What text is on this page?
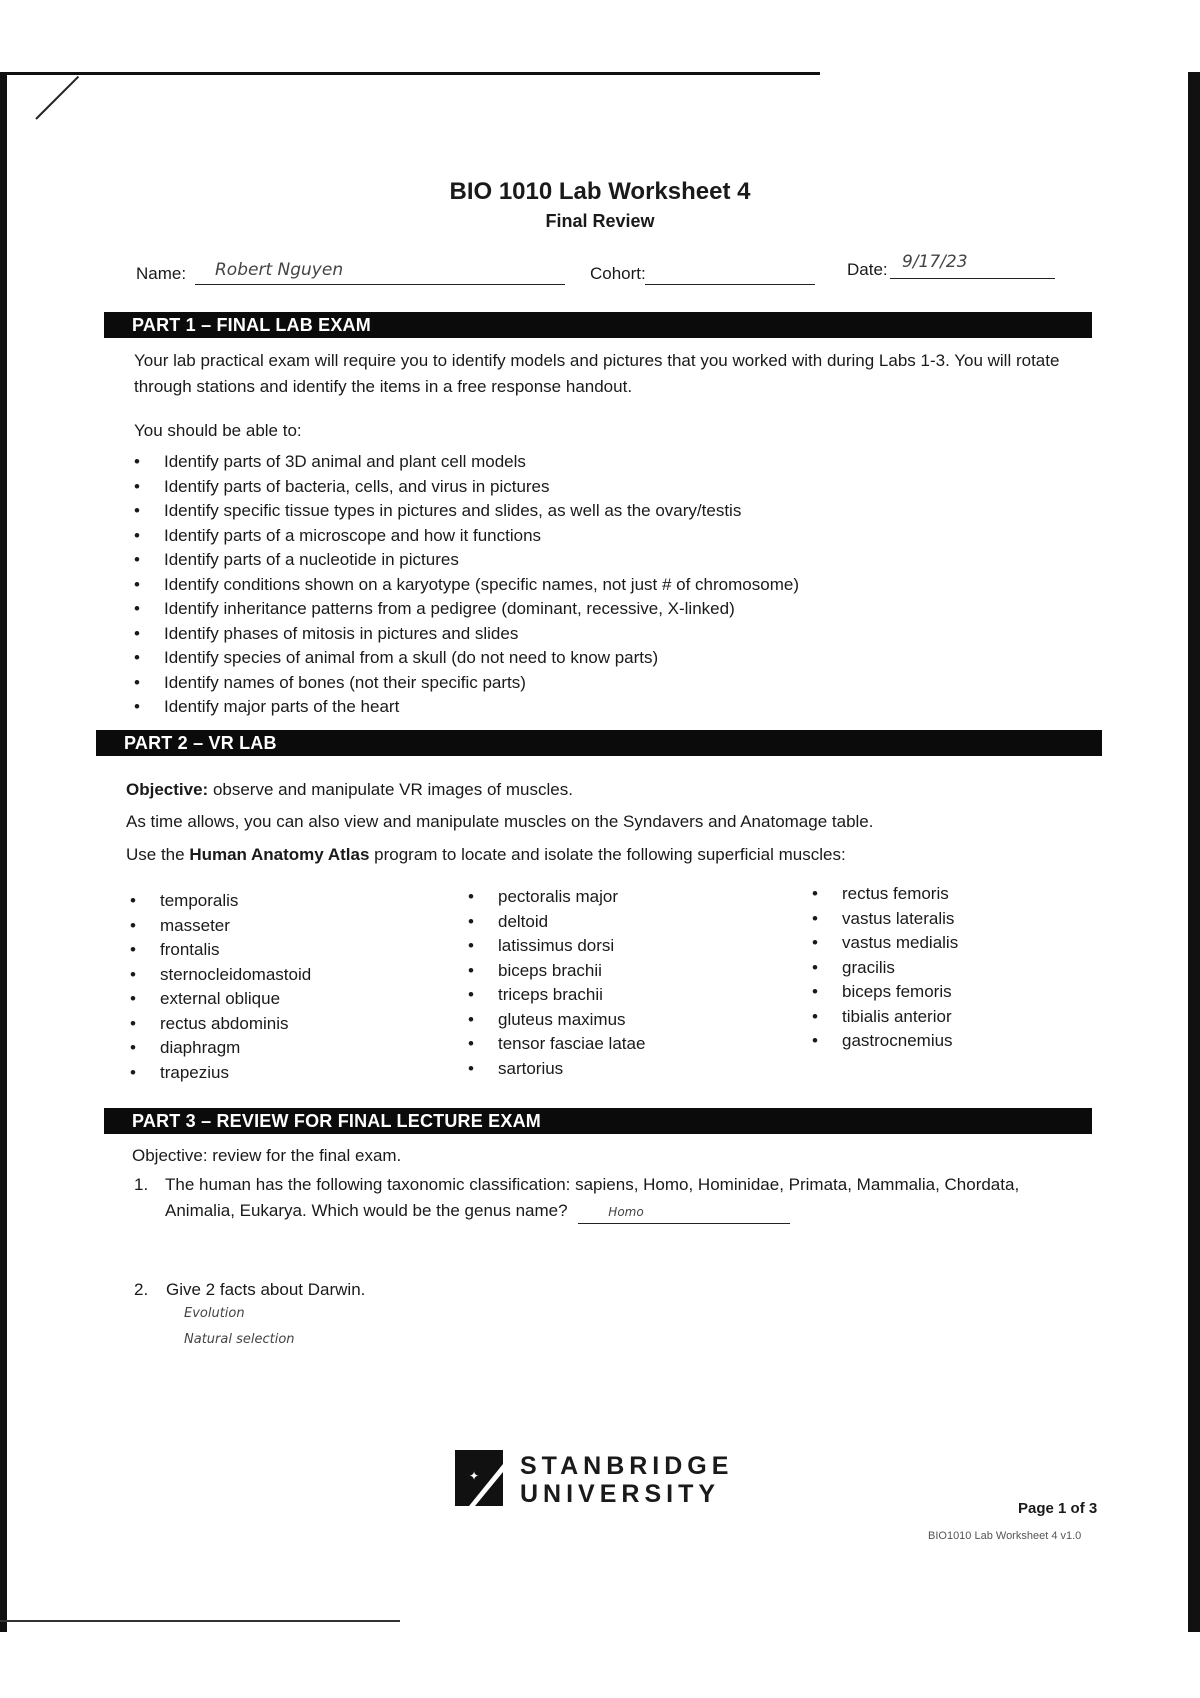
BIO 1010 Lab Worksheet 4
Final Review
Name: Robert Nguyen	Cohort:	Date: 9/17/23
PART 1 – FINAL LAB EXAM
Your lab practical exam will require you to identify models and pictures that you worked with during Labs 1-3. You will rotate
through stations and identify the items in a free response handout.
You should be able to:
• Identify parts of 3D animal and plant cell models
• Identify parts of bacteria, cells, and virus in pictures
• Identify specific tissue types in pictures and slides, as well as the ovary/testis
• Identify parts of a microscope and how it functions
• Identify parts of a nucleotide in pictures
• Identify conditions shown on a karyotype (specific names, not just # of chromosome)
• Identify inheritance patterns from a pedigree (dominant, recessive, X-linked)
• Identify phases of mitosis in pictures and slides
• Identify species of animal from a skull (do not need to know parts)
• Identify names of bones (not their specific parts)
• Identify major parts of the heart
PART 2 – VR LAB
Objective: observe and manipulate VR images of muscles.
As time allows, you can also view and manipulate muscles on the Syndavers and Anatomage table.
Use the Human Anatomy Atlas program to locate and isolate the following superficial muscles:
• temporalis
• masseter
• frontalis
• sternocleidomastoid
• external oblique
• rectus abdominis
• diaphragm
• trapezius
• pectoralis major
• deltoid
• latissimus dorsi
• biceps brachii
• triceps brachii
• gluteus maximus
• tensor fasciae latae
• sartorius
• rectus femoris
• vastus lateralis
• vastus medialis
• gracilis
• biceps femoris
• tibialis anterior
• gastrocnemius
PART 3 – REVIEW FOR FINAL LECTURE EXAM
Objective: review for the final exam.
1. The human has the following taxonomic classification: sapiens, Homo, Hominidae, Primata, Mammalia, Chordata,
Animalia, Eukarya. Which would be the genus name?	Homo
2. Give 2 facts about Darwin.
Evolution
Natural selection
✦ STANBRIDGE
UNIVERSITY
Page 1 of 3
BIO1010 Lab Worksheet 4 v1.0
